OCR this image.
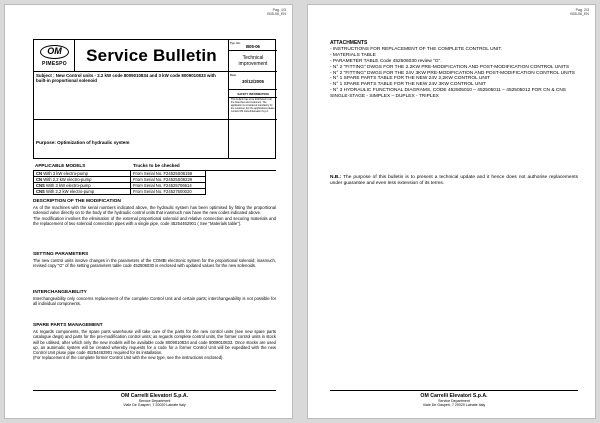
Pag. 1/3
B05-06_EN
OM
PIMESPO Service Bulletin
Typ. No.
B05-06
Technical improvement
Date
30/12/2005
SAFETY INFORMATION
This bulletin has to be distributed to all the branches and customers. The application is considered mandatory for the customer. For the applications please contact OM Carrelli Elevatori S.p.A.
Subject : New Control units - 2.2 kW code 8009010834 and 3 kW code 8009010833 with built-in proportional solenoid
Purpose: Optimization of hydraulic system
APPLICABLE MODELS	Trucks to be checked
CN With 3 kW electro-pump	From Serial No. F24525S06158
CN With 2,2 kW electro-pump	From Serial No. F24525S06229
CNS With 3 kW electro-pump	From Serial No. F24525706614
CNS With 2,2 kW electro-pump	From Serial No. F24527500020
DESCRIPTION OF THE MODIFICATION

As of the machines with the serial numbers indicated above, the hydraulic system has been optimised by fitting the proportional solenoid valve directly on to the body of the hydraulic control units that inasmuch now have the new codes indicated above.

The modification involves the elimination of the external proportional solenoid and relative connection and securing materials and the replacement of two solenoid connection pipes with a single pipe, code 45254462901 ( See "Materials table").

SETTING PARAMETERS

The new control units involve changes in the parameters of the COMBI electronic system for the proportional solenoid; inasmuch, revised copy "G" of the setting parameters table code 452506030 is enclosed with updated values for the new solenoids.

INTERCHANGEABILITY

Interchangeability only concerns replacement of the complete Control Unit and certain parts; interchangeability is not possible for all individual components.

SPARE PARTS MANAGEMENT

As regards components, the spare parts warehouse will take care of the parts for the new control units (see new spare parts catalogue dwgs) and parts for the pre-modification control units; as regards complete control units, the former control units in stock will be utilised, after which only the new models will be available code 8009010834 and code 8009010833. Once stocks are used up, an automatic system will be created whereby requests for a code for a former Control Unit will be expedited with the new Control Unit pluse pipe code 45254462901 required for its installation.

(For replacement of the complete former Control Unit with the new type, see the instructions enclosed).

OM Carrelli Elevatori S.p.A.
Service Department
Viale De Gasperi, 7 20020 Lainate Italy
Pag. 2/3
B05-06_EN
ATTACHMENTS
- INSTRUCTIONS FOR REPLACEMENT OF THE COMPLETE CONTROL UNIT.
- MATERIALS TABLE
- PARAMETER TABLE Code 452506030 review "G".
- N° 2 "FITTING" DWGS FOR THE 2.2KW PRE-MODIFICATION AND POST-MODIFICATION CONTROL UNITS
- N° 2 "FITTING" DWGS FOR THE 24V 3KW PRE-MODIFICATION AND POST-MODIFICATION CONTROL UNITS
- N° 1 SPARE PARTS TABLE FOR THE NEW 24V 2,2KW CONTROL UNIT
- N° 1 SPARE PARTS TABLE FOR THE NEW 24V 3KW CONTROL UNIT
- N° 3 HYDRAULIC FUNCTIONAL DIAGRAMS, CODE 452505010 – 452505011 – 452505012 FOR CN & CNS SINGLE-STAGE - SIMPLEX – DUPLEX - TRIPLEX
N.B.: The purpose of this bulletin is to present a technical update and it hence does not authorise replacements under guarantee and even less extension of its terms.
OM Carrelli Elevatori S.p.A.
Service Department
Viale De Gasperi, 7 20020 Lainate Italy
